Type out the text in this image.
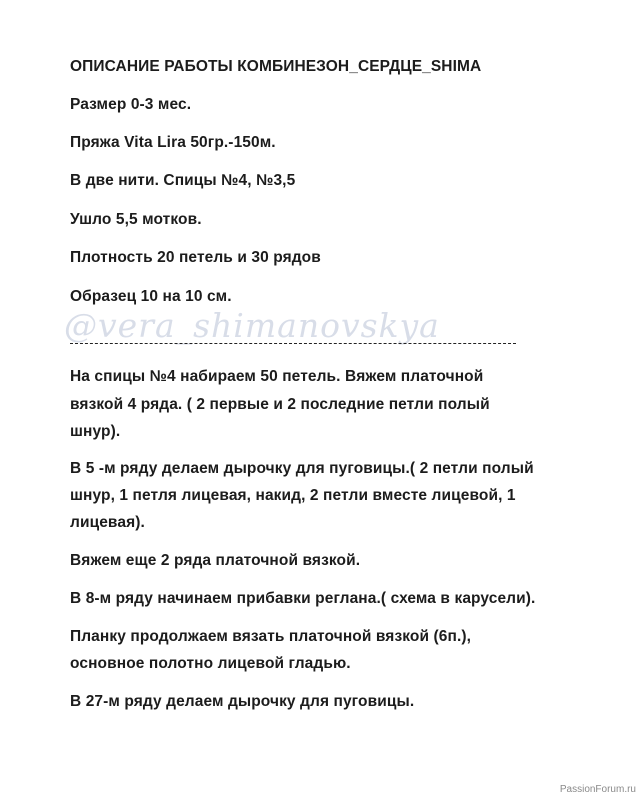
ОПИСАНИЕ РАБОТЫ КОМБИНЕЗОН_СЕРДЦЕ_SHIMA
Размер 0-3 мес.
Пряжа Vita Lira 50гр.-150м.
В две нити. Спицы №4, №3,5
Ушло 5,5 мотков.
Плотность 20 петель и 30 рядов
Образец 10 на 10 см.
@vera_shimanovskya
На спицы №4 набираем 50 петель. Вяжем платочной
вязкой 4 ряда. ( 2 первые и 2 последние петли полый
шнур).
В 5 -м ряду делаем дырочку для пуговицы.( 2 петли полый
шнур, 1 петля лицевая, накид, 2 петли вместе лицевой, 1
лицевая).
Вяжем еще 2 ряда платочной вязкой.
В 8-м ряду начинаем прибавки реглана.( схема в карусели).
Планку продолжаем вязать платочной вязкой (6п.),
основное полотно лицевой гладью.
В 27-м ряду делаем дырочку для пуговицы.
PassionForum.ru
